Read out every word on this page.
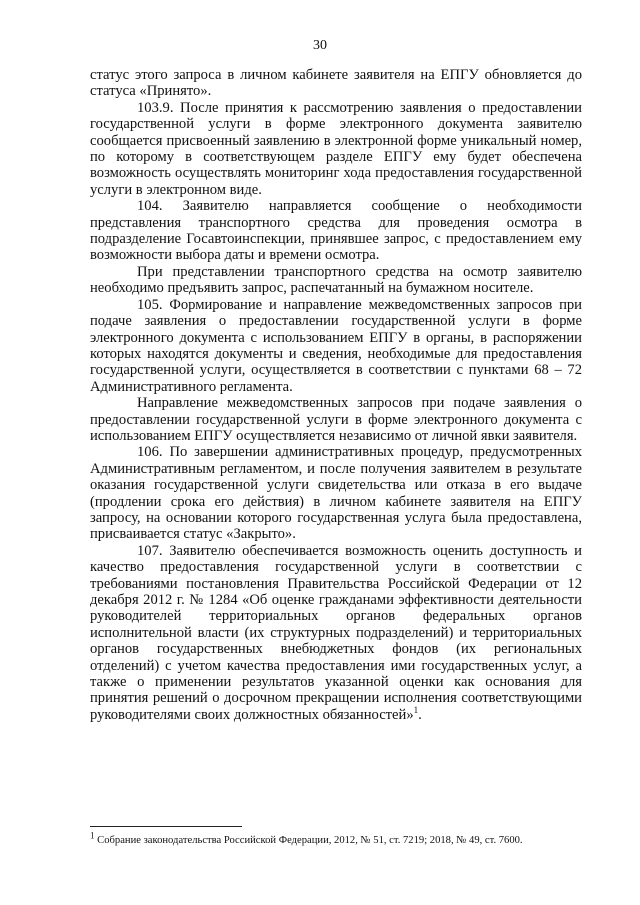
30

статус этого запроса в личном кабинете заявителя на ЕПГУ обновляется до статуса «Принято».

103.9. После принятия к рассмотрению заявления о предоставлении государственной услуги в форме электронного документа заявителю сообщается присвоенный заявлению в электронной форме уникальный номер, по которому в соответствующем разделе ЕПГУ ему будет обеспечена возможность осуществлять мониторинг хода предоставления государственной услуги в электронном виде.

104. Заявителю направляется сообщение о необходимости представления транспортного средства для проведения осмотра в подразделение Госавтоинспекции, принявшее запрос, с предоставлением ему возможности выбора даты и времени осмотра.

При представлении транспортного средства на осмотр заявителю необходимо предъявить запрос, распечатанный на бумажном носителе.

105. Формирование и направление межведомственных запросов при подаче заявления о предоставлении государственной услуги в форме электронного документа с использованием ЕПГУ в органы, в распоряжении которых находятся документы и сведения, необходимые для предоставления государственной услуги, осуществляется в соответствии с пунктами 68 – 72 Административного регламента.

Направление межведомственных запросов при подаче заявления о предоставлении государственной услуги в форме электронного документа с использованием ЕПГУ осуществляется независимо от личной явки заявителя.

106. По завершении административных процедур, предусмотренных Административным регламентом, и после получения заявителем в результате оказания государственной услуги свидетельства или отказа в его выдаче (продлении срока его действия) в личном кабинете заявителя на ЕПГУ запросу, на основании которого государственная услуга была предоставлена, присваивается статус «Закрыто».

107. Заявителю обеспечивается возможность оценить доступность и качество предоставления государственной услуги в соответствии с требованиями постановления Правительства Российской Федерации от 12 декабря 2012 г. № 1284 «Об оценке гражданами эффективности деятельности руководителей территориальных органов федеральных органов исполнительной власти (их структурных подразделений) и территориальных органов государственных внебюджетных фондов (их региональных отделений) с учетом качества предоставления ими государственных услуг, а также о применении результатов указанной оценки как основания для принятия решений о досрочном прекращении исполнения соответствующими руководителями своих должностных обязанностей»$^1$.

$^1$ Собрание законодательства Российской Федерации, 2012, № 51, ст. 7219; 2018, № 49, ст. 7600.
